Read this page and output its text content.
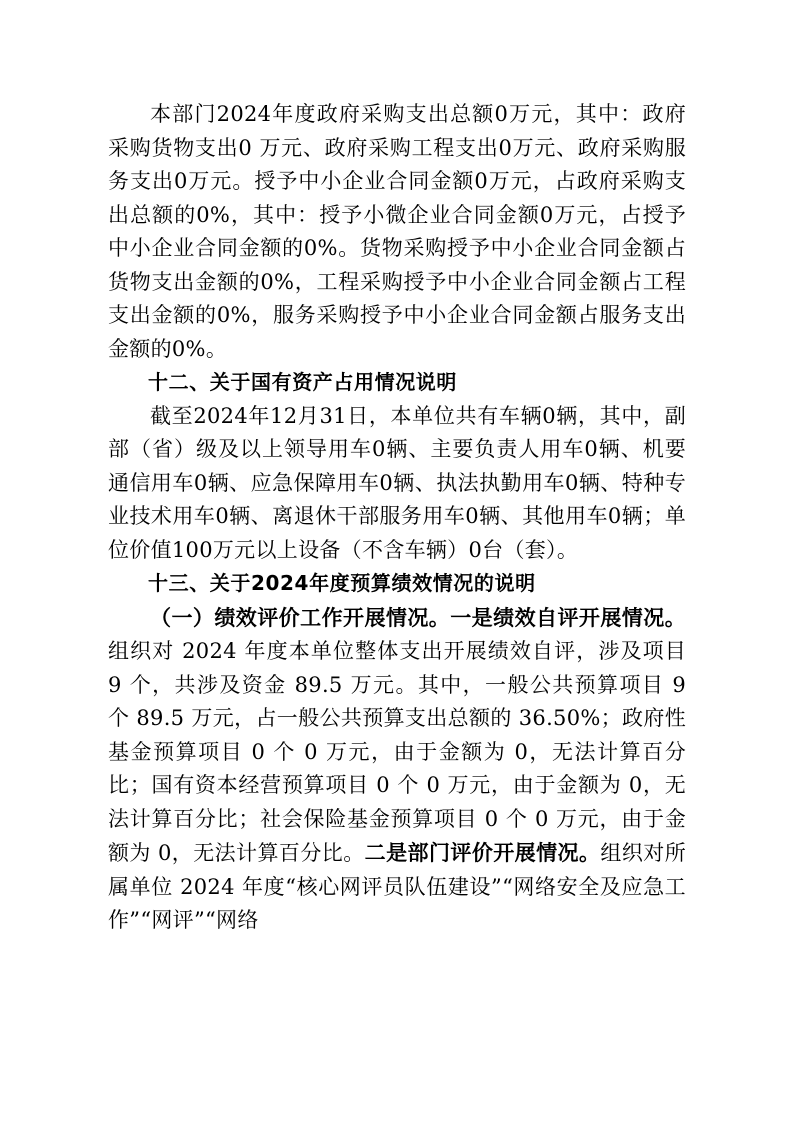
本部门2024年度政府采购支出总额0万元，其中：政府采购货物支出0 万元、政府采购工程支出0万元、政府采购服务支出0万元。授予中小企业合同金额0万元，占政府采购支出总额的0%，其中：授予小微企业合同金额0万元，占授予中小企业合同金额的0%。货物采购授予中小企业合同金额占货物支出金额的0%，工程采购授予中小企业合同金额占工程支出金额的0%，服务采购授予中小企业合同金额占服务支出金额的0%。

十二、关于国有资产占用情况说明

截至2024年12月31日，本单位共有车辆0辆，其中，副部（省）级及以上领导用车0辆、主要负责人用车0辆、机要通信用车0辆、应急保障用车0辆、执法执勤用车0辆、特种专业技术用车0辆、离退休干部服务用车0辆、其他用车0辆；单位价值100万元以上设备（不含车辆）0台（套）。

十三、关于2024年度预算绩效情况的说明

（一）绩效评价工作开展情况。一是绩效自评开展情况。组织对 2024 年度本单位整体支出开展绩效自评，涉及项目 9 个，共涉及资金 89.5 万元。其中，一般公共预算项目 9 个 89.5 万元，占一般公共预算支出总额的 36.50%；政府性基金预算项目 0 个 0 万元，由于金额为 0，无法计算百分比；国有资本经营预算项目 0 个 0 万元，由于金额为 0，无法计算百分比；社会保险基金预算项目 0 个 0 万元，由于金额为 0，无法计算百分比。二是部门评价开展情况。组织对所属单位 2024 年度“核心网评员队伍建设”“网络安全及应急工作”“网评”“网络
